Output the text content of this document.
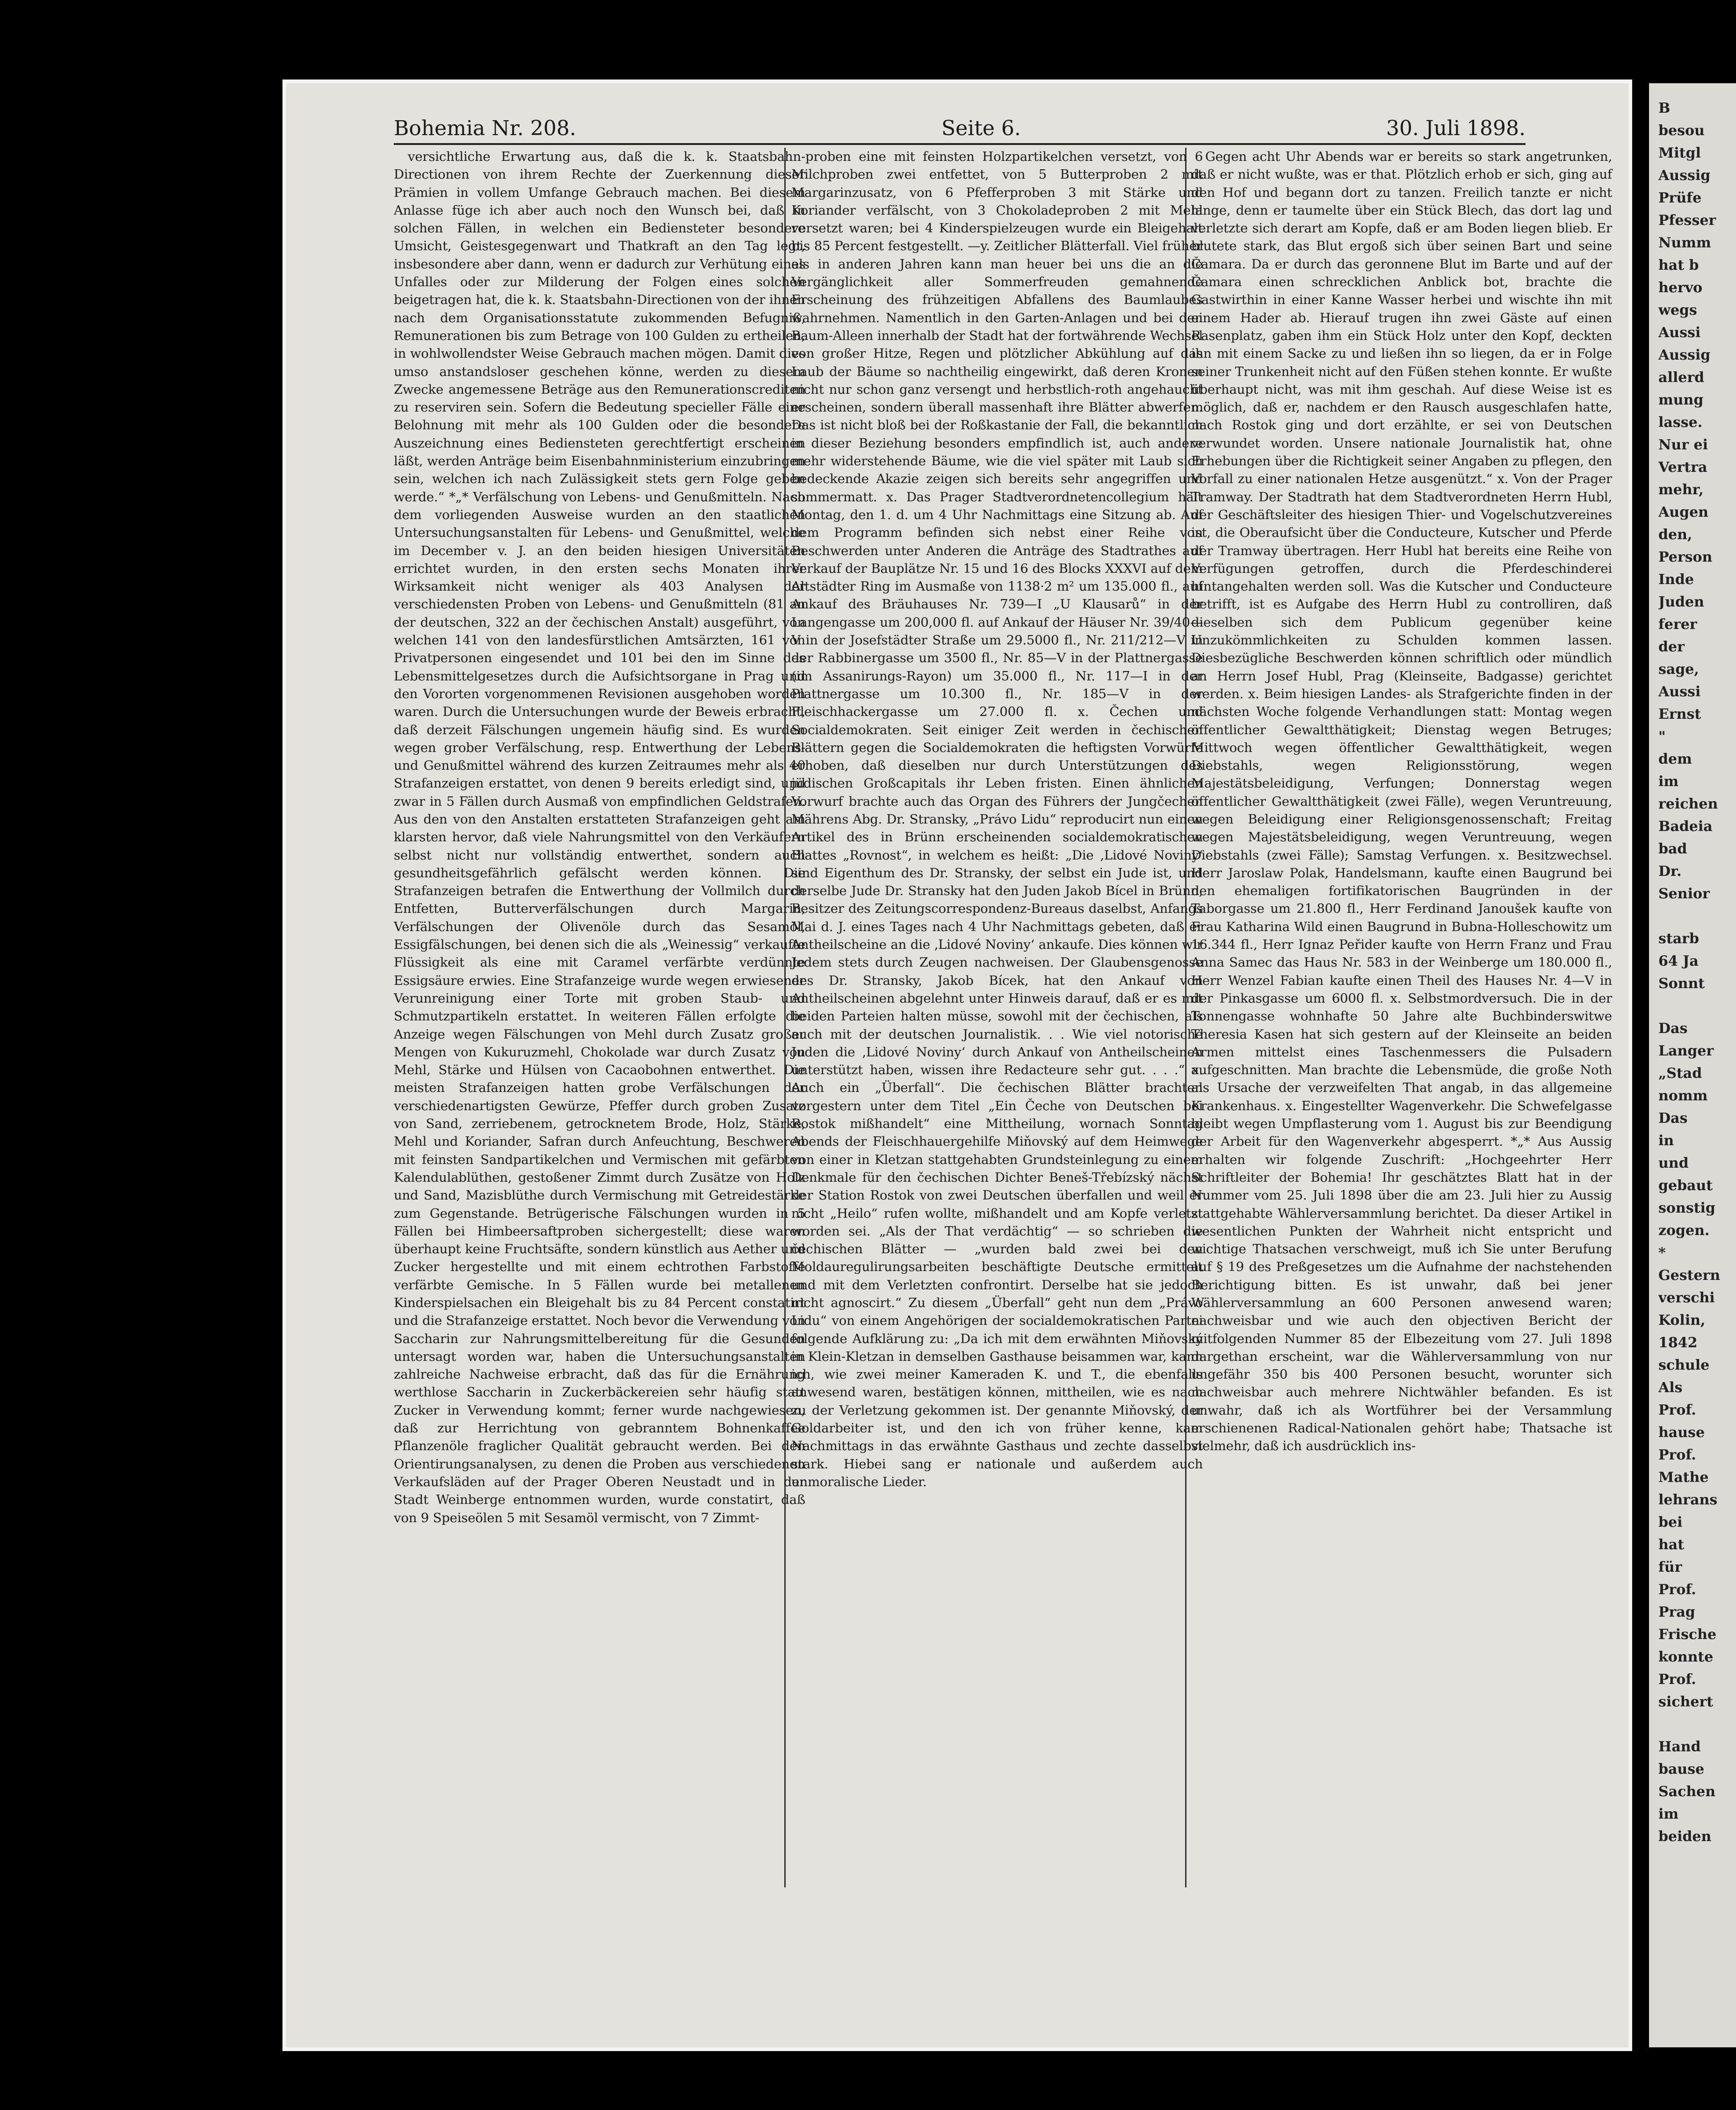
Bohemia Nr. 208.	Seite 6.	30. Juli 1898.

versichtliche Erwartung aus, daß die k. k. Staatsbahn-Directionen von ihrem Rechte der Zuerkennung dieser Prämien in vollem Umfange Gebrauch machen. Bei diesem Anlasse füge ich aber auch noch den Wunsch bei, daß in solchen Fällen, in welchen ein Bediensteter besondere Umsicht, Geistesgegenwart und Thatkraft an den Tag legt, insbesondere aber dann, wenn er dadurch zur Verhütung eines Unfalles oder zur Milderung der Folgen eines solchen beigetragen hat, die k. k. Staatsbahn-Directionen von der ihnen nach dem Organisationsstatute zukommenden Befugniß, Remunerationen bis zum Betrage von 100 Gulden zu ertheilen, in wohlwollendster Weise Gebrauch machen mögen. Damit dies umso anstandsloser geschehen könne, werden zu diesem Zwecke angemessene Beträge aus den Remunerationscrediten zu reserviren sein. Sofern die Bedeutung specieller Fälle eine Belohnung mit mehr als 100 Gulden oder die besondere Auszeichnung eines Bediensteten gerechtfertigt erscheinen läßt, werden Anträge beim Eisenbahnministerium einzubringen sein, welchen ich nach Zulässigkeit stets gern Folge geben werde.“ *„* Verfälschung von Lebens- und Genußmitteln. Nach dem vorliegenden Ausweise wurden an den staatlichen Untersuchungsanstalten für Lebens- und Genußmittel, welche im December v. J. an den beiden hiesigen Universitäten errichtet wurden, in den ersten sechs Monaten ihrer Wirksamkeit nicht weniger als 403 Analysen der verschiedensten Proben von Lebens- und Genußmitteln (81 an der deutschen, 322 an der čechischen Anstalt) ausgeführt, von welchen 141 von den landesfürstlichen Amtsärzten, 161 von Privatpersonen eingesendet und 101 bei den im Sinne des Lebensmittelgesetzes durch die Aufsichtsorgane in Prag und den Vororten vorgenommenen Revisionen ausgehoben worden waren. Durch die Untersuchungen wurde der Beweis erbracht, daß derzeit Fälschungen ungemein häufig sind. Es wurden wegen grober Verfälschung, resp. Entwerthung der Lebens- und Genußmittel während des kurzen Zeitraumes mehr als 40 Strafanzeigen erstattet, von denen 9 bereits erledigt sind, und zwar in 5 Fällen durch Ausmaß von empfindlichen Geldstrafen. Aus den von den Anstalten erstatteten Strafanzeigen geht am klarsten hervor, daß viele Nahrungsmittel von den Verkäufern selbst nicht nur vollständig entwerthet, sondern auch gesundheitsgefährlich gefälscht werden können. Die Strafanzeigen betrafen die Entwerthung der Vollmilch durch Entfetten, Butterverfälschungen durch Margarin, Verfälschungen der Olivenöle durch das Sesamöl, Essigfälschungen, bei denen sich die als „Weinessig“ verkaufte Flüssigkeit als eine mit Caramel verfärbte verdünnte Essigsäure erwies. Eine Strafanzeige wurde wegen erwiesener Verunreinigung einer Torte mit groben Staub- und Schmutzpartikeln erstattet. In weiteren Fällen erfolgte die Anzeige wegen Fälschungen von Mehl durch Zusatz großer Mengen von Kukuruzmehl, Chokolade war durch Zusatz von Mehl, Stärke und Hülsen von Cacaobohnen entwerthet. Die meisten Strafanzeigen hatten grobe Verfälschungen der verschiedenartigsten Gewürze, Pfeffer durch groben Zusatz von Sand, zerriebenem, getrocknetem Brode, Holz, Stärke, Mehl und Koriander, Safran durch Anfeuchtung, Beschweren mit feinsten Sandpartikelchen und Vermischen mit gefärbten Kalendulablüthen, gestoßener Zimmt durch Zusätze von Holz und Sand, Mazisblüthe durch Vermischung mit Getreidestärke zum Gegenstande. Betrügerische Fälschungen wurden in 5 Fällen bei Himbeersaftproben sichergestellt; diese waren überhaupt keine Fruchtsäfte, sondern künstlich aus Aether und Zucker hergestellte und mit einem echtrothen Farbstoffe verfärbte Gemische. In 5 Fällen wurde bei metallenen Kinderspielsachen ein Bleigehalt bis zu 84 Percent constatirt und die Strafanzeige erstattet. Noch bevor die Verwendung von Saccharin zur Nahrungsmittelbereitung für die Gesunden untersagt worden war, haben die Untersuchungsanstalten zahlreiche Nachweise erbracht, daß das für die Ernährung werthlose Saccharin in Zuckerbäckereien sehr häufig statt Zucker in Verwendung kommt; ferner wurde nachgewiesen, daß zur Herrichtung von gebranntem Bohnenkaffee Pflanzenöle fraglicher Qualität gebraucht werden. Bei den Orientirungsanalysen, zu denen die Proben aus verschiedenen Verkaufsläden auf der Prager Oberen Neustadt und in der Stadt Weinberge entnommen wurden, wurde constatirt, daß von 9 Speiseölen 5 mit Sesamöl vermischt, von 7 Zimmt-

proben eine mit feinsten Holzpartikelchen versetzt, von 6 Milchproben zwei entfettet, von 5 Butterproben 2 mit Margarinzusatz, von 6 Pfefferproben 3 mit Stärke und Koriander verfälscht, von 3 Chokoladeproben 2 mit Mehl versetzt waren; bei 4 Kinderspielzeugen wurde ein Bleigehalt bis 85 Percent festgestellt. —y. Zeitlicher Blätterfall. Viel früher als in anderen Jahren kann man heuer bei uns die an die Vergänglichkeit aller Sommerfreuden gemahnende Erscheinung des frühzeitigen Abfallens des Baumlaubes wahrnehmen. Namentlich in den Garten-Anlagen und bei den Baum-Alleen innerhalb der Stadt hat der fortwährende Wechsel von großer Hitze, Regen und plötzlicher Abkühlung auf das Laub der Bäume so nachtheilig eingewirkt, daß deren Kronen nicht nur schon ganz versengt und herbstlich-roth angehaucht erscheinen, sondern überall massenhaft ihre Blätter abwerfen. Das ist nicht bloß bei der Roßkastanie der Fall, die bekanntlich in dieser Beziehung besonders empfindlich ist, auch andere mehr widerstehende Bäume, wie die viel später mit Laub sich bedeckende Akazie zeigen sich bereits sehr angegriffen und sommermatt. x. Das Prager Stadtverordnetencollegium hält Montag, den 1. d. um 4 Uhr Nachmittags eine Sitzung ab. Auf dem Programm befinden sich nebst einer Reihe von Beschwerden unter Anderen die Anträge des Stadtrathes auf Verkauf der Bauplätze Nr. 15 und 16 des Blocks XXXVI auf dem Altstädter Ring im Ausmaße von 1138·2 m² um 135.000 fl., auf Ankauf des Bräuhauses Nr. 739—I „U Klausarů“ in der Langengasse um 200,000 fl. auf Ankauf der Häuser Nr. 39/40—V in der Josefstädter Straße um 29.5000 fl., Nr. 211/212—V in der Rabbinergasse um 3500 fl., Nr. 85—V in der Plattnergasse (im Assanirungs-Rayon) um 35.000 fl., Nr. 117—I in der Plattnergasse um 10.300 fl., Nr. 185—V in der Fleischhackergasse um 27.000 fl. x. Čechen und Socialdemokraten. Seit einiger Zeit werden in čechischen Blättern gegen die Socialdemokraten die heftigsten Vorwürfe erhoben, daß dieselben nur durch Unterstützungen des jüdischen Großcapitals ihr Leben fristen. Einen ähnlichen Vorwurf brachte auch das Organ des Führers der Jungčechen Mährens Abg. Dr. Stransky, „Právo Lidu“ reproducirt nun einen Artikel des in Brünn erscheinenden socialdemokratischen Blattes „Rovnost“, in welchem es heißt: „Die ‚Lidové Noviny‘ sind Eigenthum des Dr. Stransky, der selbst ein Jude ist, und derselbe Jude Dr. Stransky hat den Juden Jakob Bícel in Brünn, Besitzer des Zeitungscorrespondenz-Bureaus daselbst, Anfangs Mai d. J. eines Tages nach 4 Uhr Nachmittags gebeten, daß er Antheilscheine an die ‚Lidové Noviny‘ ankaufe. Dies können wir Jedem stets durch Zeugen nachweisen. Der Glaubensgenosse des Dr. Stransky, Jakob Bícek, hat den Ankauf von Antheilscheinen abgelehnt unter Hinweis darauf, daß er es mit beiden Parteien halten müsse, sowohl mit der čechischen, als auch mit der deutschen Journalistik. . . Wie viel notorische Juden die ‚Lidové Noviny‘ durch Ankauf von Antheilscheinen unterstützt haben, wissen ihre Redacteure sehr gut. . . .“ x. Auch ein „Überfall“. Die čechischen Blätter brachten vorgestern unter dem Titel „Ein Čeche von Deutschen bei Rostok mißhandelt“ eine Mittheilung, wornach Sonntag Abends der Fleischhauergehilfe Miňovský auf dem Heimwege von einer in Kletzan stattgehabten Grundsteinlegung zu einem Denkmale für den čechischen Dichter Beneš-Třebízský nächst der Station Rostok von zwei Deutschen überfallen und weil er nicht „Heilo“ rufen wollte, mißhandelt und am Kopfe verletzt worden sei. „Als der That verdächtig“ — so schrieben die čechischen Blätter — „wurden bald zwei bei den Moldauregulirungsarbeiten beschäftigte Deutsche ermittelt und mit dem Verletzten confrontirt. Derselbe hat sie jedoch nicht agnoscirt.“ Zu diesem „Überfall“ geht nun dem „Právo Lidu“ von einem Angehörigen der socialdemokratischen Partei folgende Aufklärung zu: „Da ich mit dem erwähnten Miňovský in Klein-Kletzan in demselben Gasthause beisammen war, kann ich, wie zwei meiner Kameraden K. und T., die ebenfalls anwesend waren, bestätigen können, mittheilen, wie es nach zu der Verletzung gekommen ist. Der genannte Miňovský, der Goldarbeiter ist, und den ich von früher kenne, kam Nachmittags in das erwähnte Gasthaus und zechte dasselbst stark. Hiebei sang er nationale und außerdem auch unmoralische Lieder.

Gegen acht Uhr Abends war er bereits so stark angetrunken, daß er nicht wußte, was er that. Plötzlich erhob er sich, ging auf den Hof und begann dort zu tanzen. Freilich tanzte er nicht lange, denn er taumelte über ein Stück Blech, das dort lag und verletzte sich derart am Kopfe, daß er am Boden liegen blieb. Er blutete stark, das Blut ergoß sich über seinen Bart und seine Čamara. Da er durch das geronnene Blut im Barte und auf der Čamara einen schrecklichen Anblick bot, brachte die Gastwirthin in einer Kanne Wasser herbei und wischte ihn mit einem Hader ab. Hierauf trugen ihn zwei Gäste auf einen Rasenplatz, gaben ihm ein Stück Holz unter den Kopf, deckten ihn mit einem Sacke zu und ließen ihn so liegen, da er in Folge seiner Trunkenheit nicht auf den Füßen stehen konnte. Er wußte überhaupt nicht, was mit ihm geschah. Auf diese Weise ist es möglich, daß er, nachdem er den Rausch ausgeschlafen hatte, nach Rostok ging und dort erzählte, er sei von Deutschen verwundet worden. Unsere nationale Journalistik hat, ohne Erhebungen über die Richtigkeit seiner Angaben zu pflegen, den Vorfall zu einer nationalen Hetze ausgenützt.“ x. Von der Prager Tramway. Der Stadtrath hat dem Stadtverordneten Herrn Hubl, der Geschäftsleiter des hiesigen Thier- und Vogelschutzvereines ist, die Oberaufsicht über die Conducteure, Kutscher und Pferde der Tramway übertragen. Herr Hubl hat bereits eine Reihe von Verfügungen getroffen, durch die Pferdeschinderei hintangehalten werden soll. Was die Kutscher und Conducteure betrifft, ist es Aufgabe des Herrn Hubl zu controlliren, daß dieselben sich dem Publicum gegenüber keine Unzukömmlichkeiten zu Schulden kommen lassen. Diesbezügliche Beschwerden können schriftlich oder mündlich an Herrn Josef Hubl, Prag (Kleinseite, Badgasse) gerichtet werden. x. Beim hiesigen Landes- als Strafgerichte finden in der nächsten Woche folgende Verhandlungen statt: Montag wegen öffentlicher Gewaltthätigkeit; Dienstag wegen Betruges; Mittwoch wegen öffentlicher Gewaltthätigkeit, wegen Diebstahls, wegen Religionsstörung, wegen Majestätsbeleidigung, Verfungen; Donnerstag wegen öffentlicher Gewaltthätigkeit (zwei Fälle), wegen Veruntreuung, wegen Beleidigung einer Religionsgenossenschaft; Freitag wegen Majestätsbeleidigung, wegen Veruntreuung, wegen Diebstahls (zwei Fälle); Samstag Verfungen. x. Besitzwechsel. Herr Jaroslaw Polak, Handelsmann, kaufte einen Baugrund bei den ehemaligen fortifikatorischen Baugründen in der Taborgasse um 21.800 fl., Herr Ferdinand Janoušek kaufte von Frau Katharina Wild einen Baugrund in Bubna-Holleschowitz um 16.344 fl., Herr Ignaz Peřider kaufte von Herrn Franz und Frau Anna Samec das Haus Nr. 583 in der Weinberge um 180.000 fl., Herr Wenzel Fabian kaufte einen Theil des Hauses Nr. 4—V in der Pinkasgasse um 6000 fl. x. Selbstmordversuch. Die in der Tonnengasse wohnhafte 50 Jahre alte Buchbinderswitwe Theresia Kasen hat sich gestern auf der Kleinseite an beiden Armen mittelst eines Taschenmessers die Pulsadern aufgeschnitten. Man brachte die Lebensmüde, die große Noth als Ursache der verzweifelten That angab, in das allgemeine Krankenhaus. x. Eingestellter Wagenverkehr. Die Schwefelgasse bleibt wegen Umpflasterung vom 1. August bis zur Beendigung der Arbeit für den Wagenverkehr abgesperrt. *„* Aus Aussig erhalten wir folgende Zuschrift: „Hochgeehrter Herr Schriftleiter der Bohemia! Ihr geschätztes Blatt hat in der Nummer vom 25. Juli 1898 über die am 23. Juli hier zu Aussig stattgehabte Wählerversammlung berichtet. Da dieser Artikel in wesentlichen Punkten der Wahrheit nicht entspricht und wichtige Thatsachen verschweigt, muß ich Sie unter Berufung auf § 19 des Preßgesetzes um die Aufnahme der nachstehenden Berichtigung bitten. Es ist unwahr, daß bei jener Wählerversammlung an 600 Personen anwesend waren; nachweisbar und wie auch den objectiven Bericht der mitfolgenden Nummer 85 der Elbezeitung vom 27. Juli 1898 dargethan erscheint, war die Wählerversammlung von nur ungefähr 350 bis 400 Personen besucht, worunter sich nachweisbar auch mehrere Nichtwähler befanden. Es ist unwahr, daß ich als Wortführer bei der Versammlung erschienenen Radical-Nationalen gehört habe; Thatsache ist vielmehr, daß ich ausdrücklich ins-

B
besou
Mitgl
Aussig
Prüfe
Pfesser
Numm
hat b
hervo
wegs
Aussi
Aussig
allerd
mung
lasse.
Nur ei
Vertra
mehr,
Augen
den,
Person
Inde
Juden
ferer
der
sage,
Aussi
Ernst
"
dem
im
reichen
Badeia
bad
Dr.
Senior

starb
64 Ja
Sonnt

Das
Langer
„Stad
nomm
Das
in
und
gebaut
sonstig
zogen.
*
Gestern
verschi
Kolin,
1842
schule
Als
Prof.
hause
Prof.
Mathe
lehrans
bei
hat
für
Prof.
Prag
Frische
konnte
Prof.
sichert

Hand
bause
Sachen
im
beiden
